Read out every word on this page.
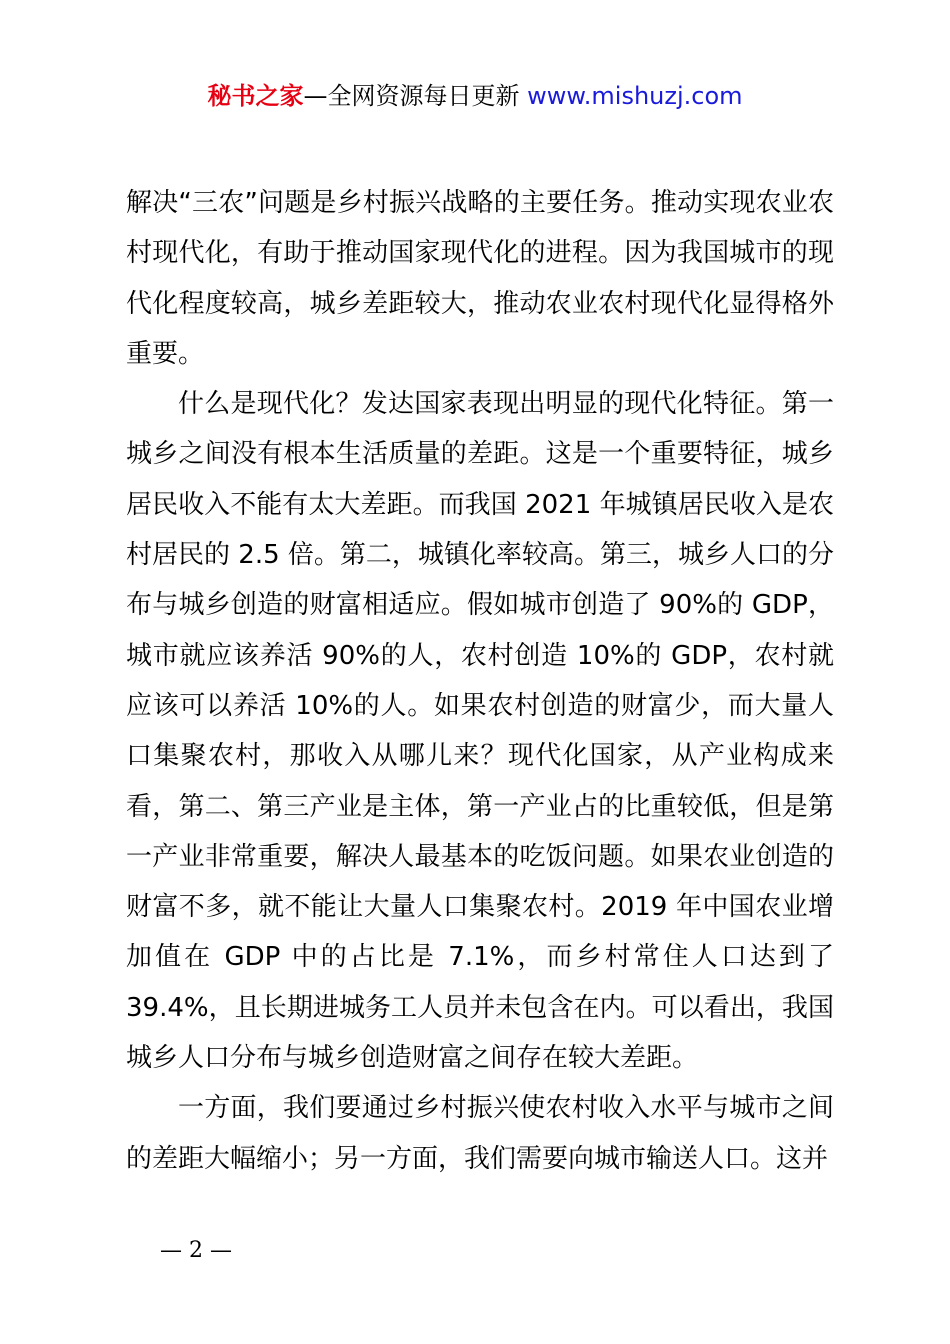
秘书之家—全网资源每日更新 www.mishuzj.com

解决“三农”问题是乡村振兴战略的主要任务。推动实现农业农村现代化，有助于推动国家现代化的进程。因为我国城市的现代化程度较高，城乡差距较大，推动农业农村现代化显得格外重要。

什么是现代化？发达国家表现出明显的现代化特征。第一城乡之间没有根本生活质量的差距。这是一个重要特征，城乡居民收入不能有太大差距。而我国 2021 年城镇居民收入是农村居民的 2.5 倍。第二，城镇化率较高。第三，城乡人口的分布与城乡创造的财富相适应。假如城市创造了 90%的 GDP，城市就应该养活 90%的人，农村创造 10%的 GDP，农村就应该可以养活 10%的人。如果农村创造的财富少，而大量人口集聚农村，那收入从哪儿来？现代化国家，从产业构成来看，第二、第三产业是主体，第一产业占的比重较低，但是第一产业非常重要，解决人最基本的吃饭问题。如果农业创造的财富不多，就不能让大量人口集聚农村。2019 年中国农业增加值在 GDP 中的占比是 7.1%，而乡村常住人口达到了 39.4%，且长期进城务工人员并未包含在内。可以看出，我国城乡人口分布与城乡创造财富之间存在较大差距。

一方面，我们要通过乡村振兴使农村收入水平与城市之间的差距大幅缩小；另一方面，我们需要向城市输送人口。这并

— 2 —
